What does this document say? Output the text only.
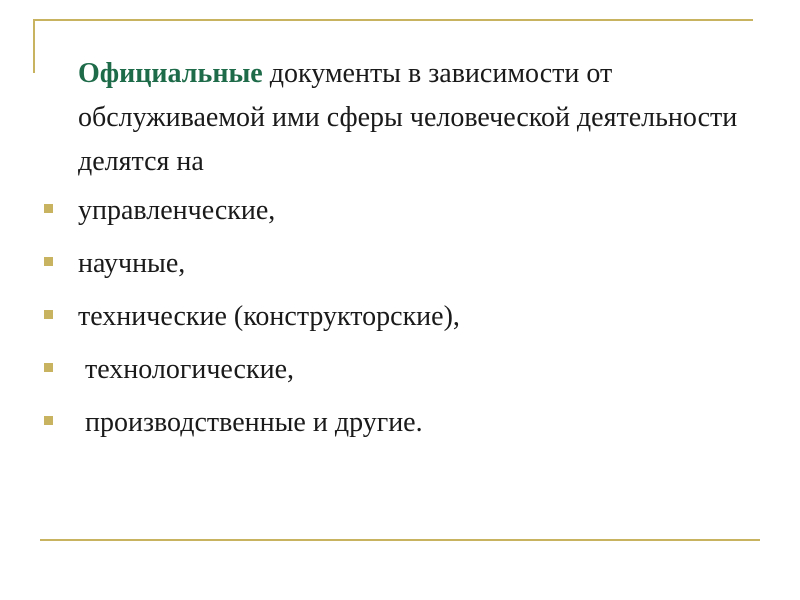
Официальные документы в зависимости от обслуживаемой ими сферы человеческой деятельности делятся на

управленческие,
научные,
технические (конструкторские),
технологические,
производственные и другие.
